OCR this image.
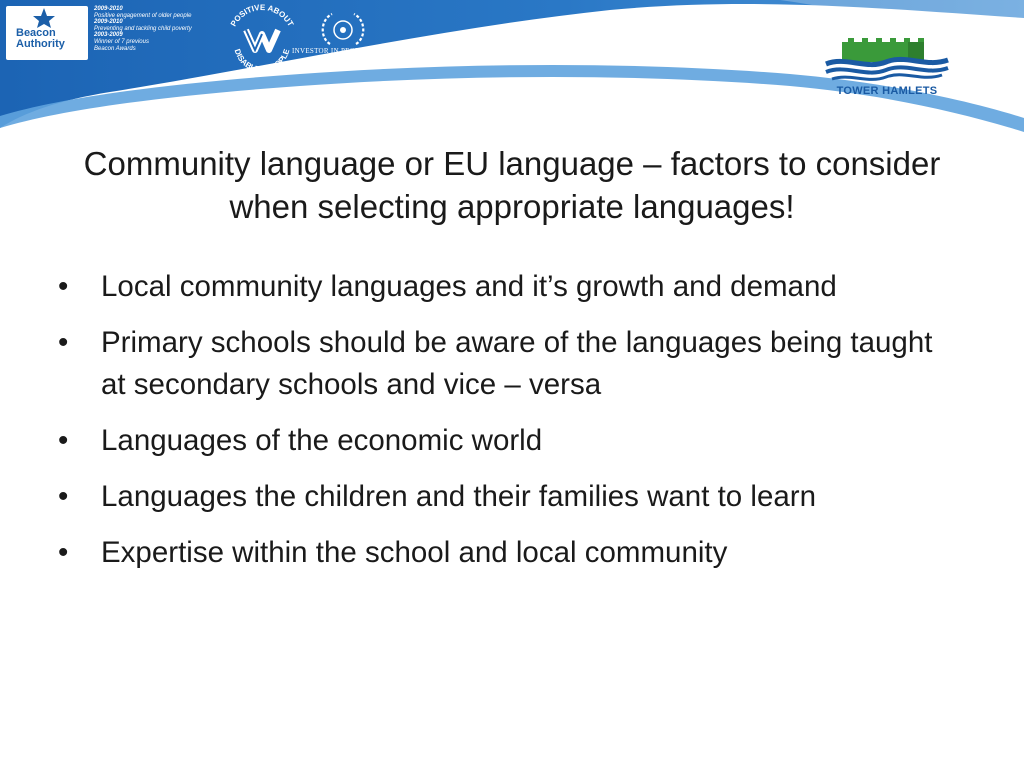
Beacon
Authority
2009-2010
Positive engagement of older people
2009-2010
Preventing and tackling child poverty
2003-2009
Winner of 7 previous
Beacon Awards
POSITIVE ABOUT
DISABLED PEOPLE INVESTOR IN PEOPLE
TOWER HAMLETS
Community language or EU language – factors to consider when selecting appropriate languages!
• Local community languages and it’s growth and demand
• Primary schools should be aware of the languages being taught at secondary schools and vice – versa
• Languages of the economic world
• Languages the children and their families want to learn
• Expertise within the school and local community
